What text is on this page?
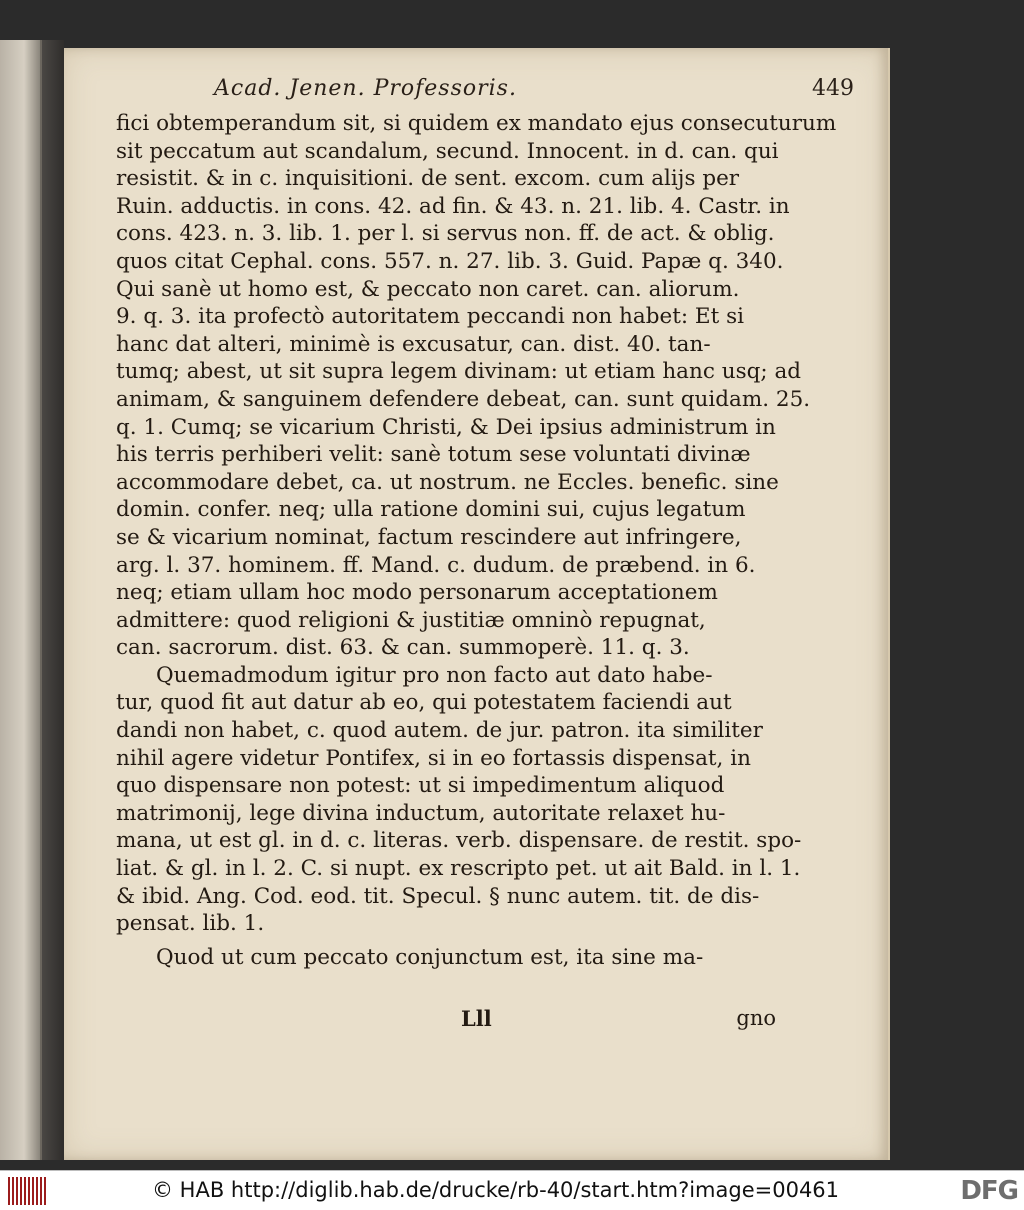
Acad. Jenen. Professoris.	449
fici obtemperandum sit, si quidem ex mandato ejus consecuturum
sit peccatum aut scandalum, secund. Innocent. in d. can. qui
resistit. & in c. inquisitioni. de sent. excom. cum alijs per
Ruin. adductis. in cons. 42. ad fin. & 43. n. 21. lib. 4. Castr. in
cons. 423. n. 3. lib. 1. per l. si servus non. ff. de act. & oblig.
quos citat Cephal. cons. 557. n. 27. lib. 3. Guid. Papæ q. 340.
Qui sanè ut homo est, & peccato non caret. can. aliorum.
9. q. 3. ita profectò autoritatem peccandi non habet: Et si
hanc dat alteri, minimè is excusatur, can. dist. 40. tan-
tumq; abest, ut sit supra legem divinam: ut etiam hanc usq; ad
animam, & sanguinem defendere debeat, can. sunt quidam. 25.
q. 1. Cumq; se vicarium Christi, & Dei ipsius administrum in
his terris perhiberi velit: sanè totum sese voluntati divinæ
accommodare debet, ca. ut nostrum. ne Eccles. benefic. sine
domin. confer. neq; ulla ratione domini sui, cujus legatum
se & vicarium nominat, factum rescindere aut infringere,
arg. l. 37. hominem. ff. Mand. c. dudum. de præbend. in 6.
neq; etiam ullam hoc modo personarum acceptationem
admittere: quod religioni & justitiæ omninò repugnat,
can. sacrorum. dist. 63. & can. summoperè. 11. q. 3.
Quemadmodum igitur pro non facto aut dato habe-
tur, quod fit aut datur ab eo, qui potestatem faciendi aut
dandi non habet, c. quod autem. de jur. patron. ita similiter
nihil agere videtur Pontifex, si in eo fortassis dispensat, in
quo dispensare non potest: ut si impedimentum aliquod
matrimonij, lege divina inductum, autoritate relaxet hu-
mana, ut est gl. in d. c. literas. verb. dispensare. de restit. spo-
liat. & gl. in l. 2. C. si nupt. ex rescripto pet. ut ait Bald. in l. 1.
& ibid. Ang. Cod. eod. tit. Specul. § nunc autem. tit. de dis-
pensat. lib. 1.
Quod ut cum peccato conjunctum est, ita sine ma-
Lll	gno
© HAB http://diglib.hab.de/drucke/rb-40/start.htm?image=00461	DFG
